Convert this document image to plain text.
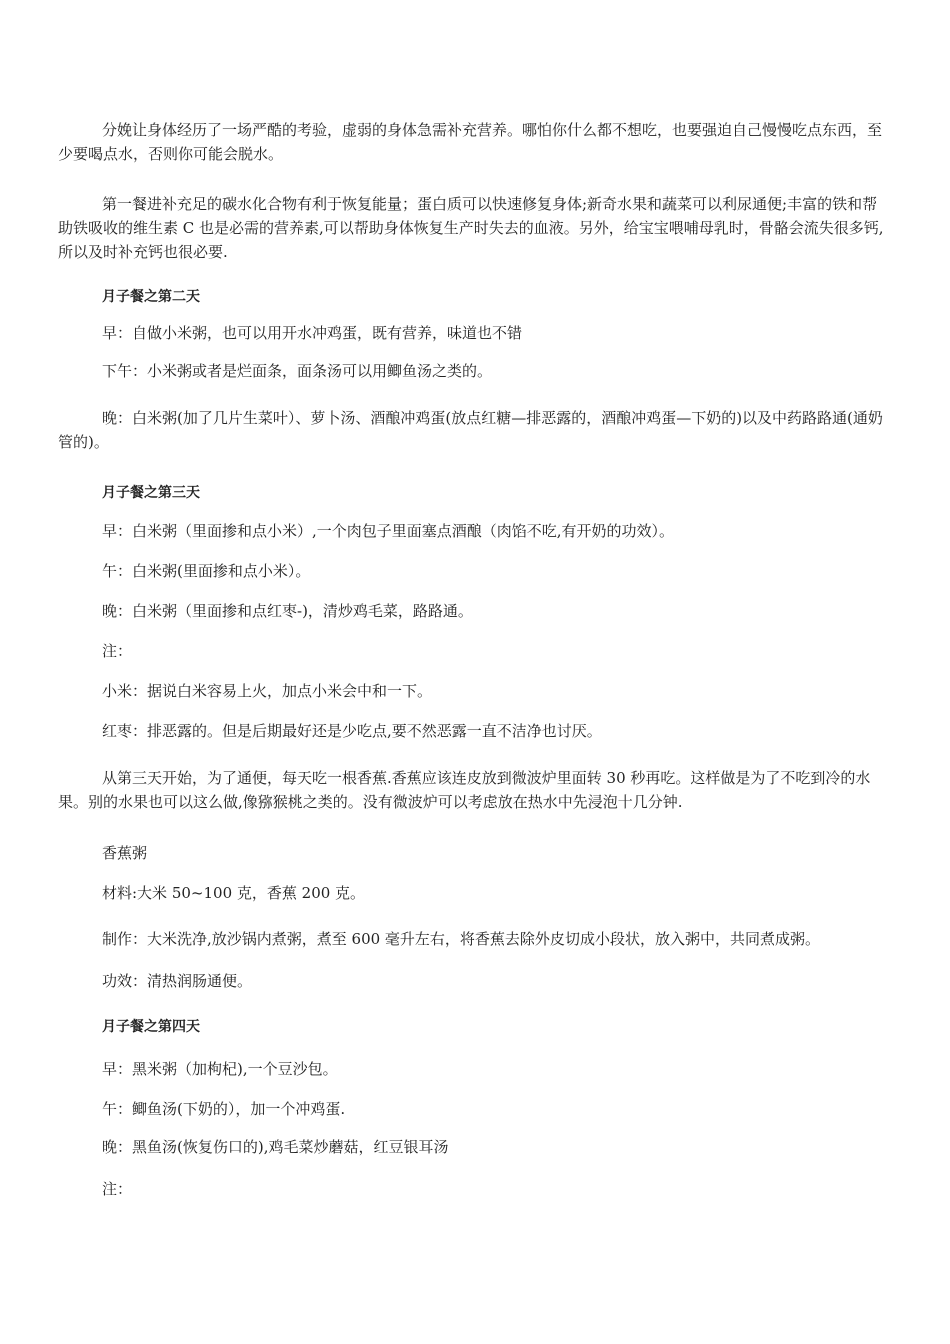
分娩让身体经历了一场严酷的考验，虚弱的身体急需补充营养。哪怕你什么都不想吃，也要强迫自己慢慢吃点东西，至少要喝点水，否则你可能会脱水。

第一餐进补充足的碳水化合物有利于恢复能量；蛋白质可以快速修复身体;新奇水果和蔬菜可以利尿通便;丰富的铁和帮助铁吸收的维生素 C 也是必需的营养素,可以帮助身体恢复生产时失去的血液。另外，给宝宝喂哺母乳时，骨骼会流失很多钙,所以及时补充钙也很必要.

月子餐之第二天

早：自做小米粥，也可以用开水冲鸡蛋，既有营养，味道也不错

下午：小米粥或者是烂面条，面条汤可以用鲫鱼汤之类的。

晚：白米粥(加了几片生菜叶）、萝卜汤、酒酿冲鸡蛋(放点红糖—排恶露的，酒酿冲鸡蛋—下奶的)以及中药路路通(通奶管的)。

月子餐之第三天

早：白米粥（里面掺和点小米）,一个肉包子里面塞点酒酿（肉馅不吃,有开奶的功效）。

午：白米粥(里面掺和点小米）。

晚：白米粥（里面掺和点红枣-)，清炒鸡毛菜，路路通。

注：

小米：据说白米容易上火，加点小米会中和一下。

红枣：排恶露的。但是后期最好还是少吃点,要不然恶露一直不洁净也讨厌。

从第三天开始，为了通便，每天吃一根香蕉.香蕉应该连皮放到微波炉里面转 30 秒再吃。这样做是为了不吃到冷的水果。别的水果也可以这么做,像猕猴桃之类的。没有微波炉可以考虑放在热水中先浸泡十几分钟.

香蕉粥

材料:大米 50~100 克，香蕉 200 克。

制作：大米洗净,放沙锅内煮粥，煮至 600 毫升左右，将香蕉去除外皮切成小段状，放入粥中，共同煮成粥。

功效：清热润肠通便。

月子餐之第四天

早：黑米粥（加枸杞),一个豆沙包。

午：鲫鱼汤(下奶的），加一个冲鸡蛋.

晚：黑鱼汤(恢复伤口的),鸡毛菜炒蘑菇，红豆银耳汤

注：
